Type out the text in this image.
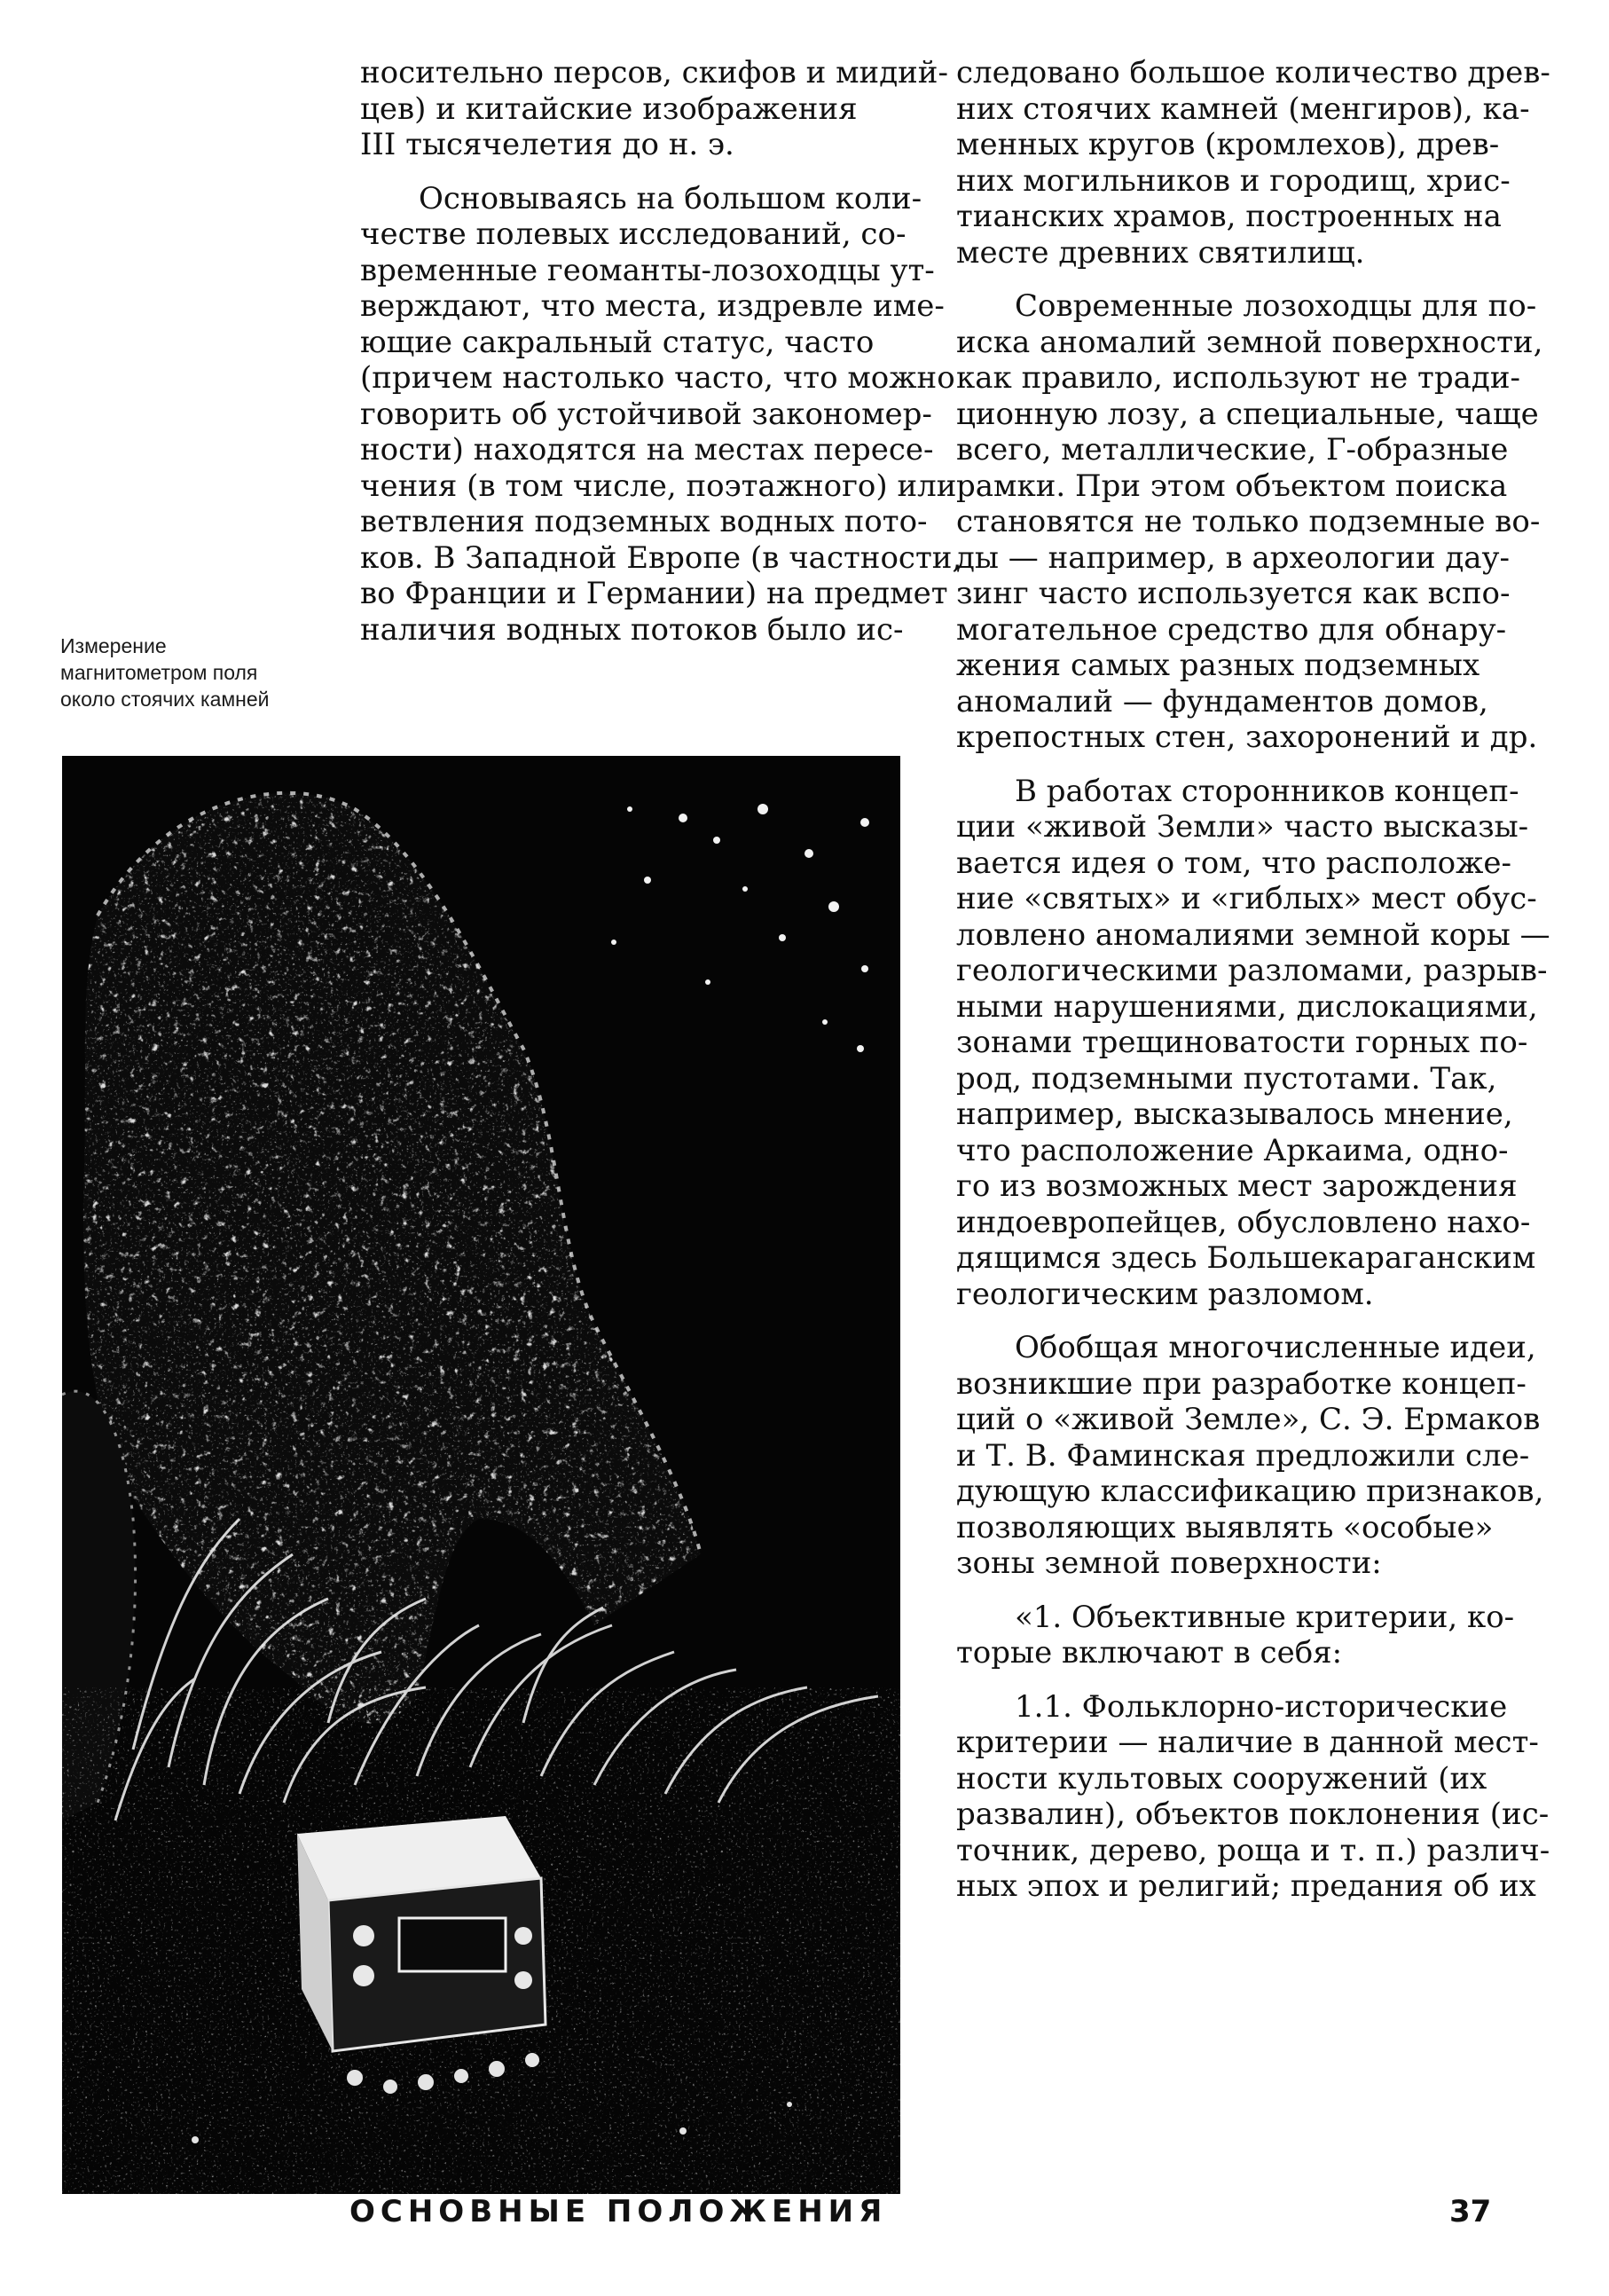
Измерение
магнитометром поля
около стоячих камней

носительно персов, скифов и мидий-
цев) и китайские изображения
III тысячелетия до н. э.

Основываясь на большом коли-
честве полевых исследований, со-
временные геоманты-лозоходцы ут-
верждают, что места, издревле име-
ющие сакральный статус, часто
(причем настолько часто, что можно
говорить об устойчивой закономер-
ности) находятся на местах пересе-
чения (в том числе, поэтажного) или
ветвления подземных водных пото-
ков. В Западной Европе (в частности,
во Франции и Германии) на предмет
наличия водных потоков было ис-

следовано большое количество древ-
них стоячих камней (менгиров), ка-
менных кругов (кромлехов), древ-
них могильников и городищ, хрис-
тианских храмов, построенных на
месте древних святилищ.

Современные лозоходцы для по-
иска аномалий земной поверхности,
как правило, используют не тради-
ционную лозу, а специальные, чаще
всего, металлические, Г-образные
рамки. При этом объектом поиска
становятся не только подземные во-
ды — например, в археологии дау-
зинг часто используется как вспо-
могательное средство для обнару-
жения самых разных подземных
аномалий — фундаментов домов,
крепостных стен, захоронений и др.

В работах сторонников концеп-
ции «живой Земли» часто высказы-
вается идея о том, что расположе-
ние «святых» и «гиблых» мест обус-
ловлено аномалиями земной коры —
геологическими разломами, разрыв-
ными нарушениями, дислокациями,
зонами трещиноватости горных по-
род, подземными пустотами. Так,
например, высказывалось мнение,
что расположение Аркаима, одно-
го из возможных мест зарождения
индоевропейцев, обусловлено нахо-
дящимся здесь Большекараганским
геологическим разломом.

Обобщая многочисленные идеи,
возникшие при разработке концеп-
ций о «живой Земле», С. Э. Ермаков
и Т. В. Фаминская предложили сле-
дующую классификацию признаков,
позволяющих выявлять «особые»
зоны земной поверхности:

«1. Объективные критерии, ко-
торые включают в себя:

1.1. Фольклорно-исторические
критерии — наличие в данной мест-
ности культовых сооружений (их
развалин), объектов поклонения (ис-
точник, дерево, роща и т. п.) различ-
ных эпох и религий; предания об их

ОСНОВНЫЕ ПОЛОЖЕНИЯ	37
